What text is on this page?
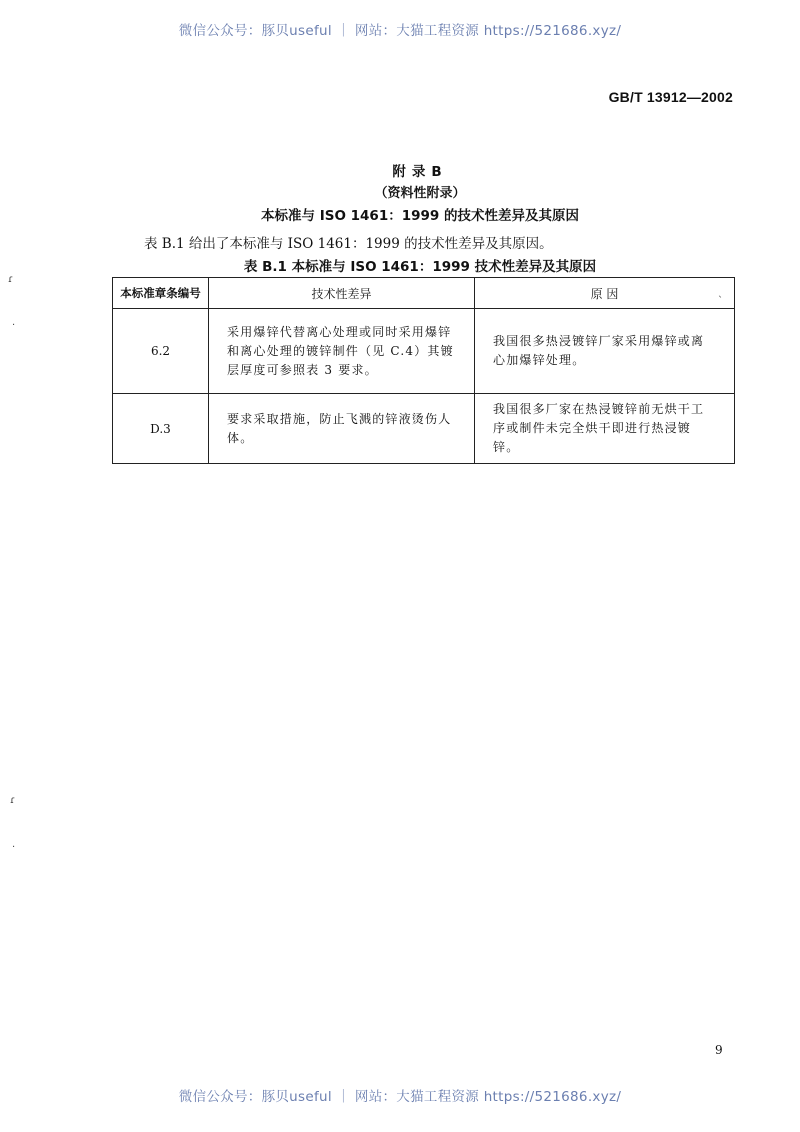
微信公众号：豚贝useful ｜ 网站：大猫工程资源 https://521686.xyz/
GB/T 13912—2002
附录B
（资料性附录）
本标准与 ISO 1461：1999 的技术性差异及其原因
表 B.1 给出了本标准与 ISO 1461：1999 的技术性差异及其原因。
表 B.1 本标准与 ISO 1461：1999 技术性差异及其原因
本标准章条编号	技术性差异	原 因
6.2	采用爆锌代替离心处理或同时采用爆锌和离心处理的镀锌制件（见 C.4）其镀层厚度可参照表 3 要求。	我国很多热浸镀锌厂家采用爆锌或离心加爆锌处理。
D.3	要求采取措施，防止飞溅的锌液烫伤人体。	我国很多厂家在热浸镀锌前无烘干工序或制件未完全烘干即进行热浸镀锌。
9
微信公众号：豚贝useful ｜ 网站：大猫工程资源 https://521686.xyz/
ɾ
·
ɾ
·
ˎ
